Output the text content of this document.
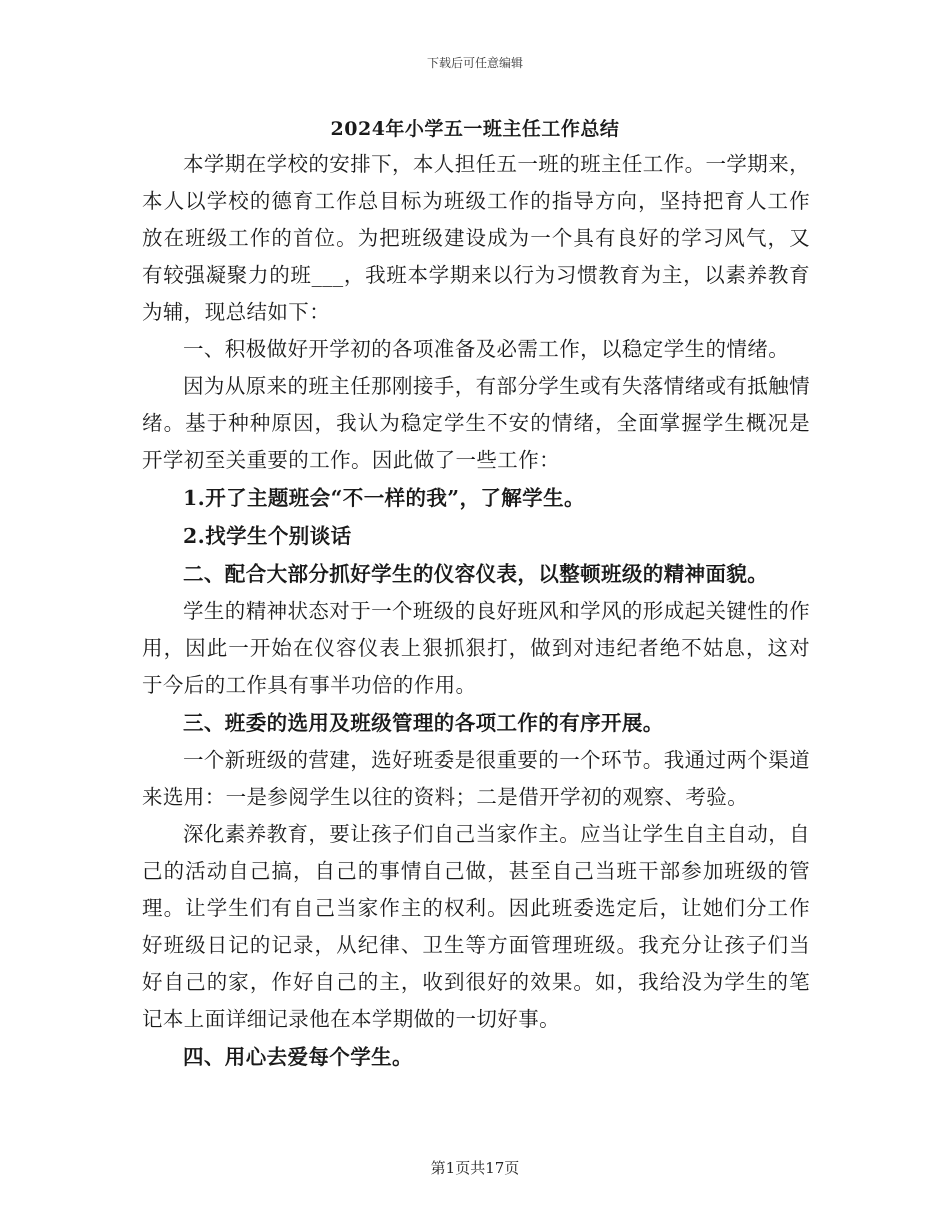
下载后可任意编辑
2024年小学五一班主任工作总结

本学期在学校的安排下，本人担任五一班的班主任工作。一学期来，本人以学校的德育工作总目标为班级工作的指导方向，坚持把育人工作放在班级工作的首位。为把班级建设成为一个具有良好的学习风气，又有较强凝聚力的班___，我班本学期来以行为习惯教育为主，以素养教育为辅，现总结如下：

一、积极做好开学初的各项准备及必需工作，以稳定学生的情绪。

因为从原来的班主任那刚接手，有部分学生或有失落情绪或有抵触情绪。基于种种原因，我认为稳定学生不安的情绪，全面掌握学生概况是开学初至关重要的工作。因此做了一些工作：

1.开了主题班会“不一样的我”，了解学生。

2.找学生个别谈话

二、配合大部分抓好学生的仪容仪表，以整顿班级的精神面貌。

学生的精神状态对于一个班级的良好班风和学风的形成起关键性的作用，因此一开始在仪容仪表上狠抓狠打，做到对违纪者绝不姑息，这对于今后的工作具有事半功倍的作用。

三、班委的选用及班级管理的各项工作的有序开展。

一个新班级的营建，选好班委是很重要的一个环节。我通过两个渠道来选用：一是参阅学生以往的资料；二是借开学初的观察、考验。

深化素养教育，要让孩子们自己当家作主。应当让学生自主自动，自己的活动自己搞，自己的事情自己做，甚至自己当班干部参加班级的管理。让学生们有自己当家作主的权利。因此班委选定后，让她们分工作好班级日记的记录，从纪律、卫生等方面管理班级。我充分让孩子们当好自己的家，作好自己的主，收到很好的效果。如，我给没为学生的笔记本上面详细记录他在本学期做的一切好事。

四、用心去爱每个学生。

第1页共17页
